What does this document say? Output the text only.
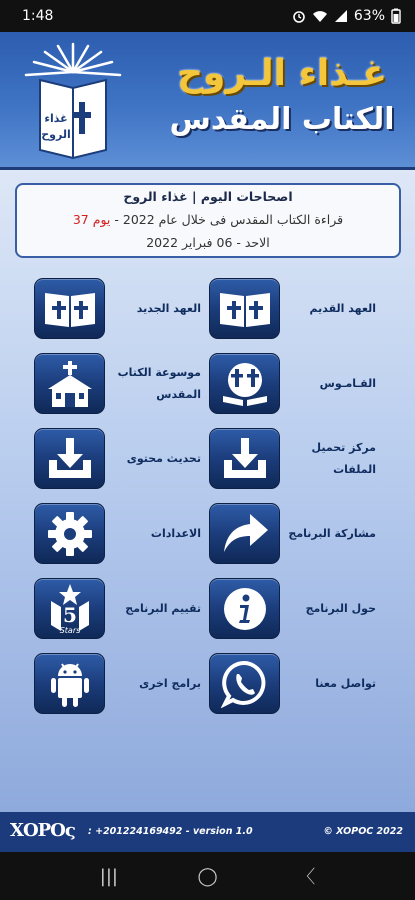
1:48	63%
غذاء
الروح
غـذاء الـروح
الكتاب المقدس
اصحاحات اليوم | غذاء الروح
قراءة الكتاب المقدس فى خلال عام 2022 - يوم 37
الاحد - 06 فبراير 2022
العهد القديم
العهد الجديد
القـامـوس
موسوعة الكتاب المقدس
مركز تحميل الملفات
تحديث محتوى
مشاركة البرنامج
الاعدادات
حول البرنامج
5
Stars
تقييم البرنامج
تواصل معنا
برامج اخرى
ΧΟΡΟς : +201224169492 - version 1.0	© XOPOC 2022
|||	◯	〈
